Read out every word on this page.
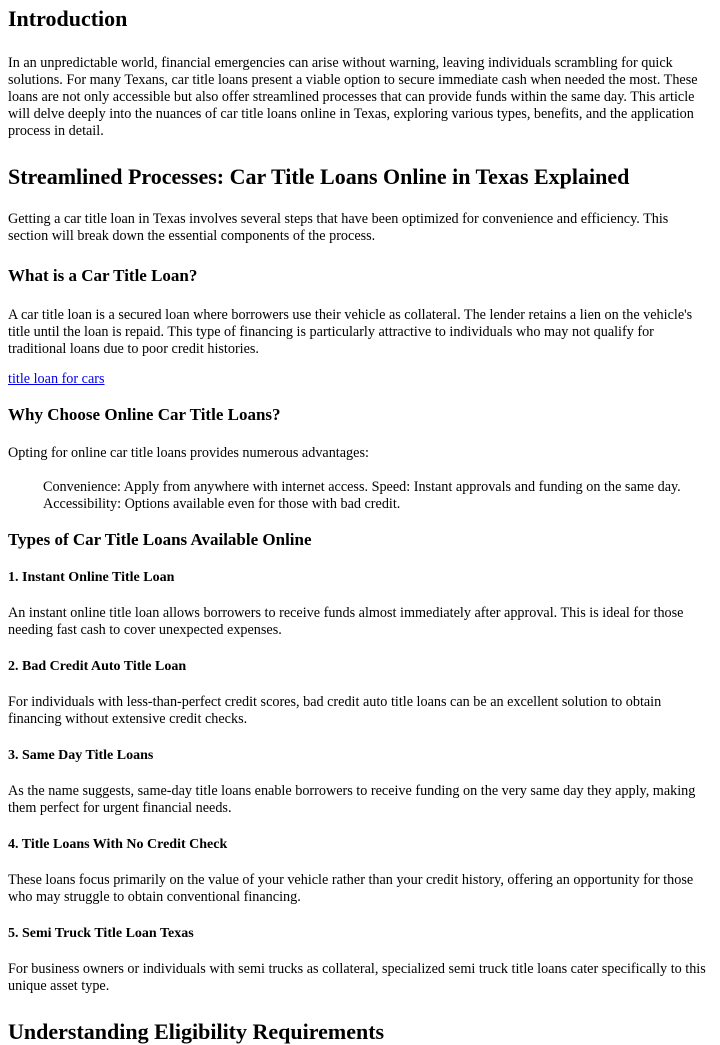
Introduction

In an unpredictable world, financial emergencies can arise without warning, leaving individuals scrambling for quick solutions. For many Texans, car title loans present a viable option to secure immediate cash when needed the most. These loans are not only accessible but also offer streamlined processes that can provide funds within the same day. This article will delve deeply into the nuances of car title loans online in Texas, exploring various types, benefits, and the application process in detail.

Streamlined Processes: Car Title Loans Online in Texas Explained

Getting a car title loan in Texas involves several steps that have been optimized for convenience and efficiency. This section will break down the essential components of the process.

What is a Car Title Loan?

A car title loan is a secured loan where borrowers use their vehicle as collateral. The lender retains a lien on the vehicle's title until the loan is repaid. This type of financing is particularly attractive to individuals who may not qualify for traditional loans due to poor credit histories.

title loan for cars

Why Choose Online Car Title Loans?

Opting for online car title loans provides numerous advantages:

Convenience: Apply from anywhere with internet access. Speed: Instant approvals and funding on the same day. Accessibility: Options available even for those with bad credit.

Types of Car Title Loans Available Online
1. Instant Online Title Loan

An instant online title loan allows borrowers to receive funds almost immediately after approval. This is ideal for those needing fast cash to cover unexpected expenses.

2. Bad Credit Auto Title Loan

For individuals with less-than-perfect credit scores, bad credit auto title loans can be an excellent solution to obtain financing without extensive credit checks.

3. Same Day Title Loans

As the name suggests, same-day title loans enable borrowers to receive funding on the very same day they apply, making them perfect for urgent financial needs.

4. Title Loans With No Credit Check

These loans focus primarily on the value of your vehicle rather than your credit history, offering an opportunity for those who may struggle to obtain conventional financing.

5. Semi Truck Title Loan Texas

For business owners or individuals with semi trucks as collateral, specialized semi truck title loans cater specifically to this unique asset type.

Understanding Eligibility Requirements
